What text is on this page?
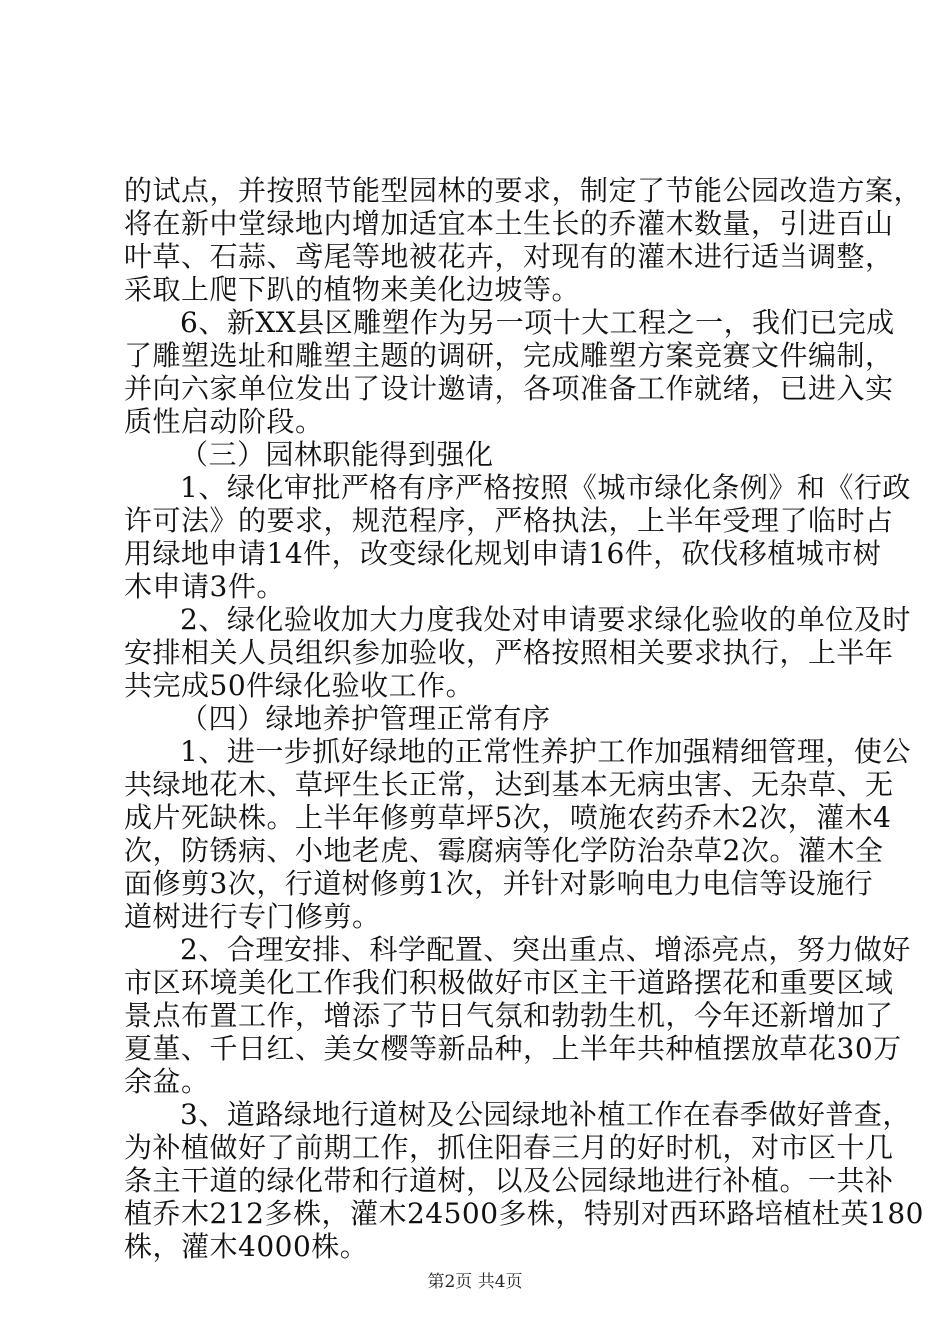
的试点，并按照节能型园林的要求，制定了节能公园改造方案，
将在新中堂绿地内增加适宜本土生长的乔灌木数量，引进百山
叶草、石蒜、鸢尾等地被花卉，对现有的灌木进行适当调整，
采取上爬下趴的植物来美化边坡等。
6、新XX县区雕塑作为另一项十大工程之一，我们已完成
了雕塑选址和雕塑主题的调研，完成雕塑方案竞赛文件编制，
并向六家单位发出了设计邀请，各项准备工作就绪，已进入实
质性启动阶段。
（三）园林职能得到强化
1、绿化审批严格有序严格按照《城市绿化条例》和《行政
许可法》的要求，规范程序，严格执法，上半年受理了临时占
用绿地申请14件，改变绿化规划申请16件，砍伐移植城市树
木申请3件。
2、绿化验收加大力度我处对申请要求绿化验收的单位及时
安排相关人员组织参加验收，严格按照相关要求执行，上半年
共完成50件绿化验收工作。
（四）绿地养护管理正常有序
1、进一步抓好绿地的正常性养护工作加强精细管理，使公
共绿地花木、草坪生长正常，达到基本无病虫害、无杂草、无
成片死缺株。上半年修剪草坪5次，喷施农药乔木2次，灌木4
次，防锈病、小地老虎、霉腐病等化学防治杂草2次。灌木全
面修剪3次，行道树修剪1次，并针对影响电力电信等设施行
道树进行专门修剪。
2、合理安排、科学配置、突出重点、增添亮点，努力做好
市区环境美化工作我们积极做好市区主干道路摆花和重要区域
景点布置工作，增添了节日气氛和勃勃生机，今年还新增加了
夏堇、千日红、美女樱等新品种，上半年共种植摆放草花30万
余盆。
3、道路绿地行道树及公园绿地补植工作在春季做好普查，
为补植做好了前期工作，抓住阳春三月的好时机，对市区十几
条主干道的绿化带和行道树，以及公园绿地进行补植。一共补
植乔木212多株，灌木24500多株，特别对西环路培植杜英180
株，灌木4000株。
第2页 共4页
